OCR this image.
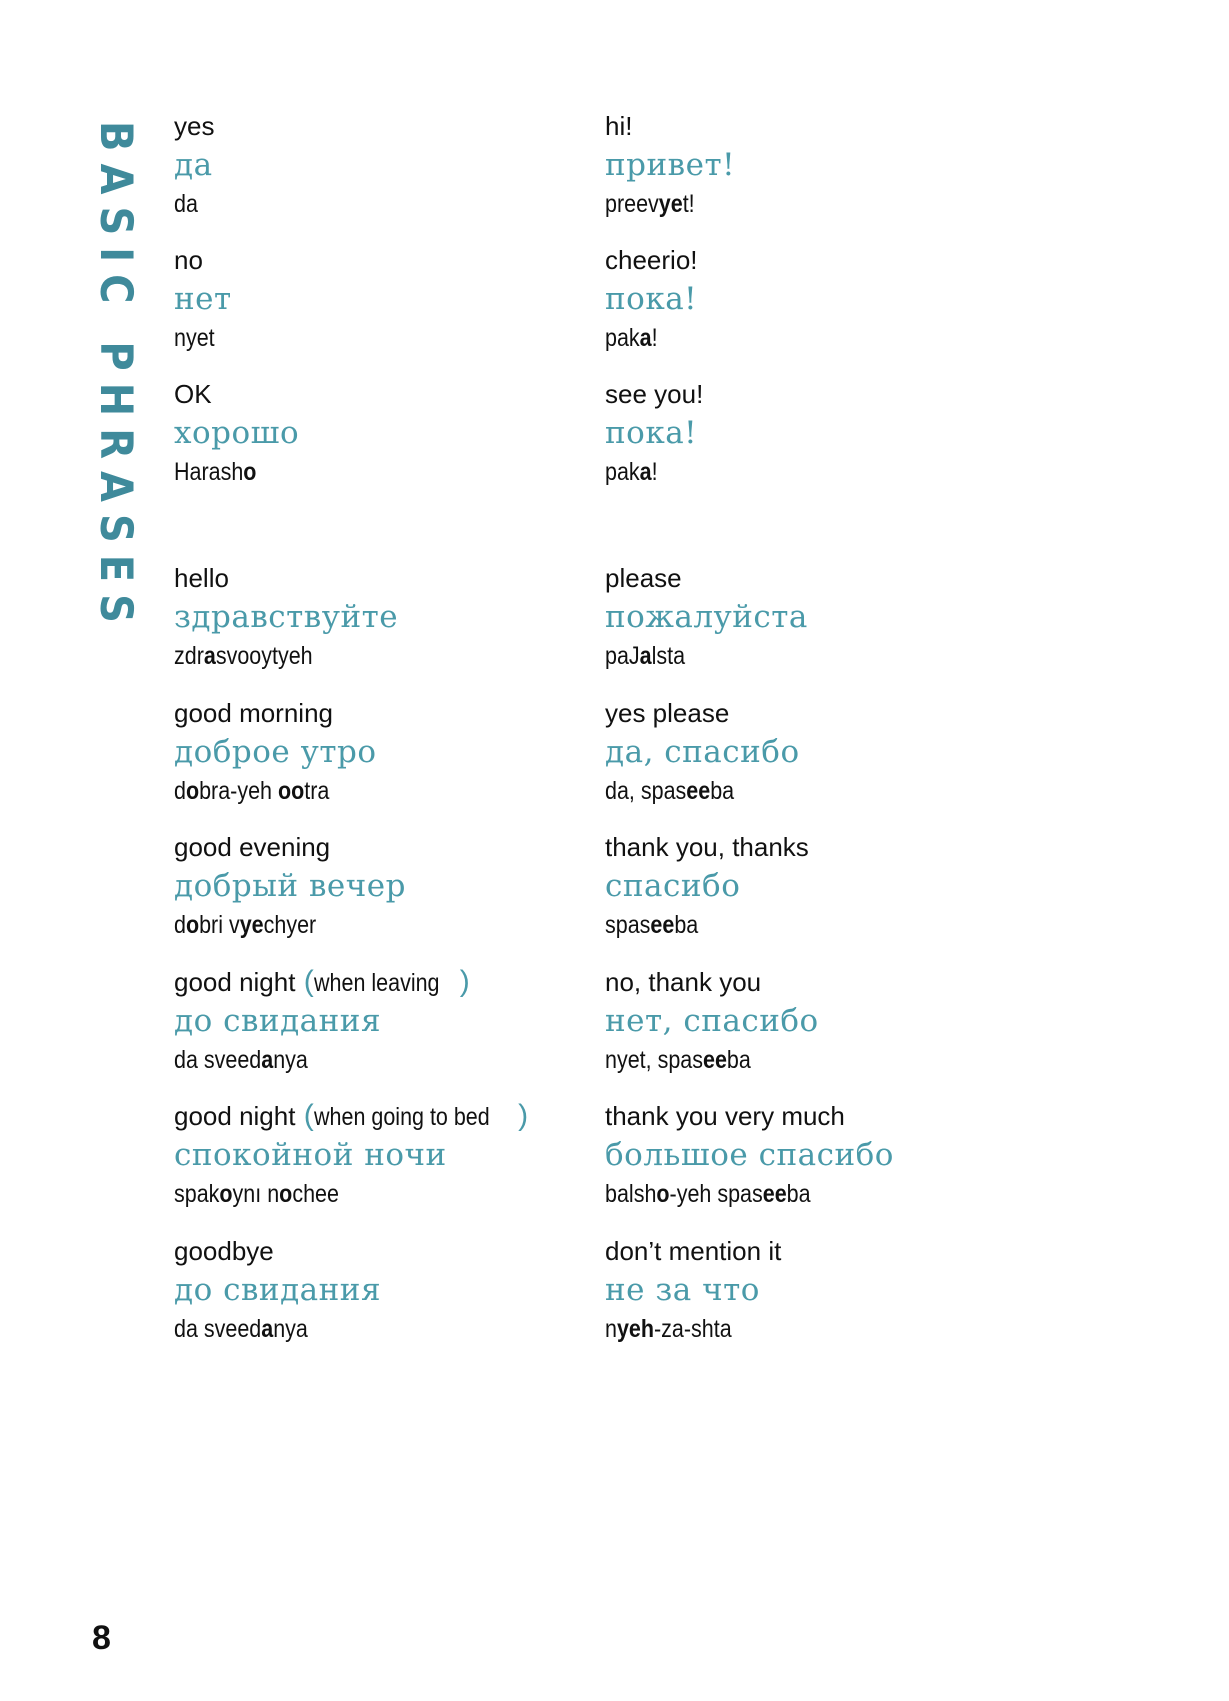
BASIC PHRASES yes
да
da
hi!
привет!
preevyet!
no
нет
nyet
cheerio!
пока!
paka!
OK
хорошо
Harasho
see you!
пока!
paka!
hello
здравствуйте
zdrasvooytyeh
please
пожалуйста
paJalsta
good morning
доброе утро
dobra-yeh ootra
yes please
да, спасибо
da, spaseeba
good evening
добрый вечер
dobri vyechyer
thank you, thanks
спасибо
spaseeba
good night (when leaving )
до свидания
da sveedanya
no, thank you
нет, спасибо
nyet, spaseeba
good night (when going to bed )
спокойной ночи
spakoynı nochee
thank you very much
большое спасибо
balsho-yeh spaseeba
goodbye
до свидания
da sveedanya
don’t mention it
не за что
nyeh-za-shta
8
